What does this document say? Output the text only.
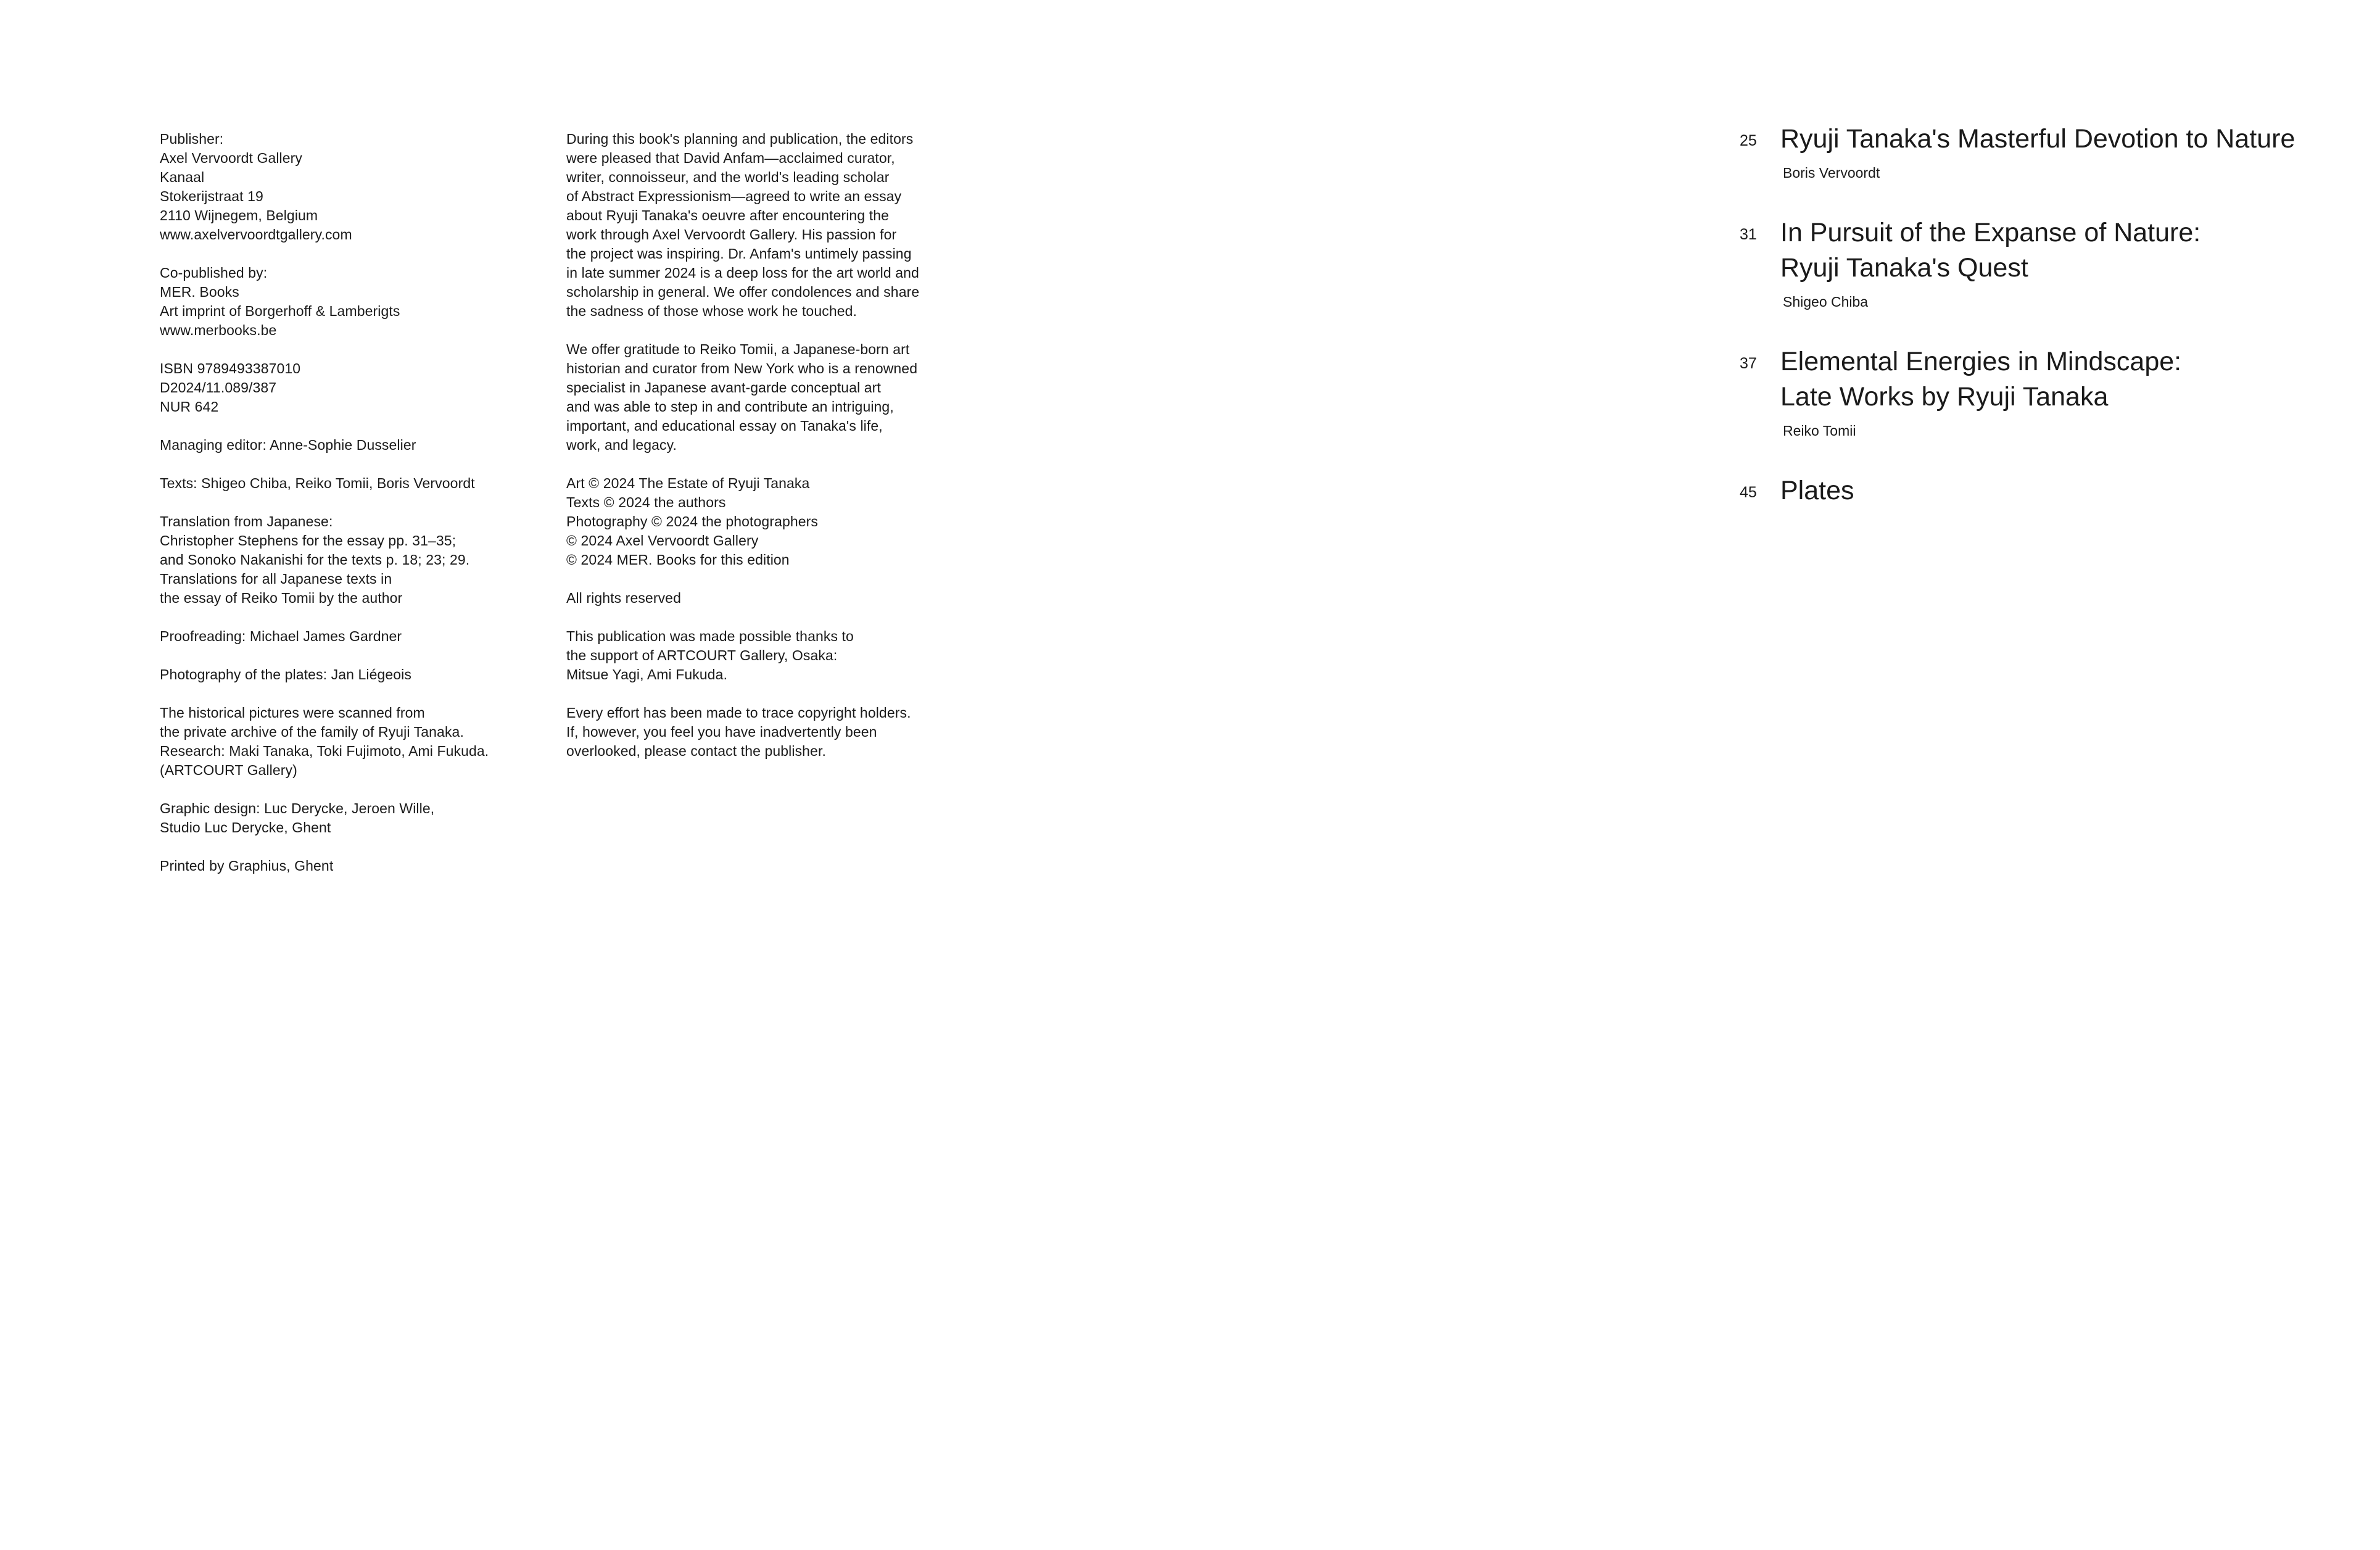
Publisher:
Axel Vervoordt Gallery
Kanaal
Stokerijstraat 19
2110 Wijnegem, Belgium
www.axelvervoordtgallery.com
Co-published by:
MER. Books
Art imprint of Borgerhoff & Lamberigts
www.merbooks.be
ISBN 9789493387010
D2024/11.089/387
NUR 642
Managing editor: Anne-Sophie Dusselier
Texts: Shigeo Chiba, Reiko Tomii, Boris Vervoordt
Translation from Japanese:
Christopher Stephens for the essay pp. 31–35;
and Sonoko Nakanishi for the texts p. 18; 23; 29.
Translations for all Japanese texts in
the essay of Reiko Tomii by the author
Proofreading: Michael James Gardner
Photography of the plates: Jan Liégeois
The historical pictures were scanned from
the private archive of the family of Ryuji Tanaka.
Research: Maki Tanaka, Toki Fujimoto, Ami Fukuda.
(ARTCOURT Gallery)
Graphic design: Luc Derycke, Jeroen Wille,
Studio Luc Derycke, Ghent
Printed by Graphius, Ghent
During this book's planning and publication, the editors
were pleased that David Anfam—acclaimed curator,
writer, connoisseur, and the world's leading scholar
of Abstract Expressionism—agreed to write an essay
about Ryuji Tanaka's oeuvre after encountering the
work through Axel Vervoordt Gallery. His passion for
the project was inspiring. Dr. Anfam's untimely passing
in late summer 2024 is a deep loss for the art world and
scholarship in general. We offer condolences and share
the sadness of those whose work he touched.
We offer gratitude to Reiko Tomii, a Japanese-born art
historian and curator from New York who is a renowned
specialist in Japanese avant-garde conceptual art
and was able to step in and contribute an intriguing,
important, and educational essay on Tanaka's life,
work, and legacy.
Art © 2024 The Estate of Ryuji Tanaka
Texts © 2024 the authors
Photography © 2024 the photographers
© 2024 Axel Vervoordt Gallery
© 2024 MER. Books for this edition
All rights reserved
This publication was made possible thanks to
the support of ARTCOURT Gallery, Osaka:
Mitsue Yagi, Ami Fukuda.
Every effort has been made to trace copyright holders.
If, however, you feel you have inadvertently been
overlooked, please contact the publisher.
25 Ryuji Tanaka's Masterful Devotion to Nature
Boris Vervoordt
31 In Pursuit of the Expanse of Nature:
Ryuji Tanaka's Quest
Shigeo Chiba
37 Elemental Energies in Mindscape:
Late Works by Ryuji Tanaka
Reiko Tomii
45 Plates
